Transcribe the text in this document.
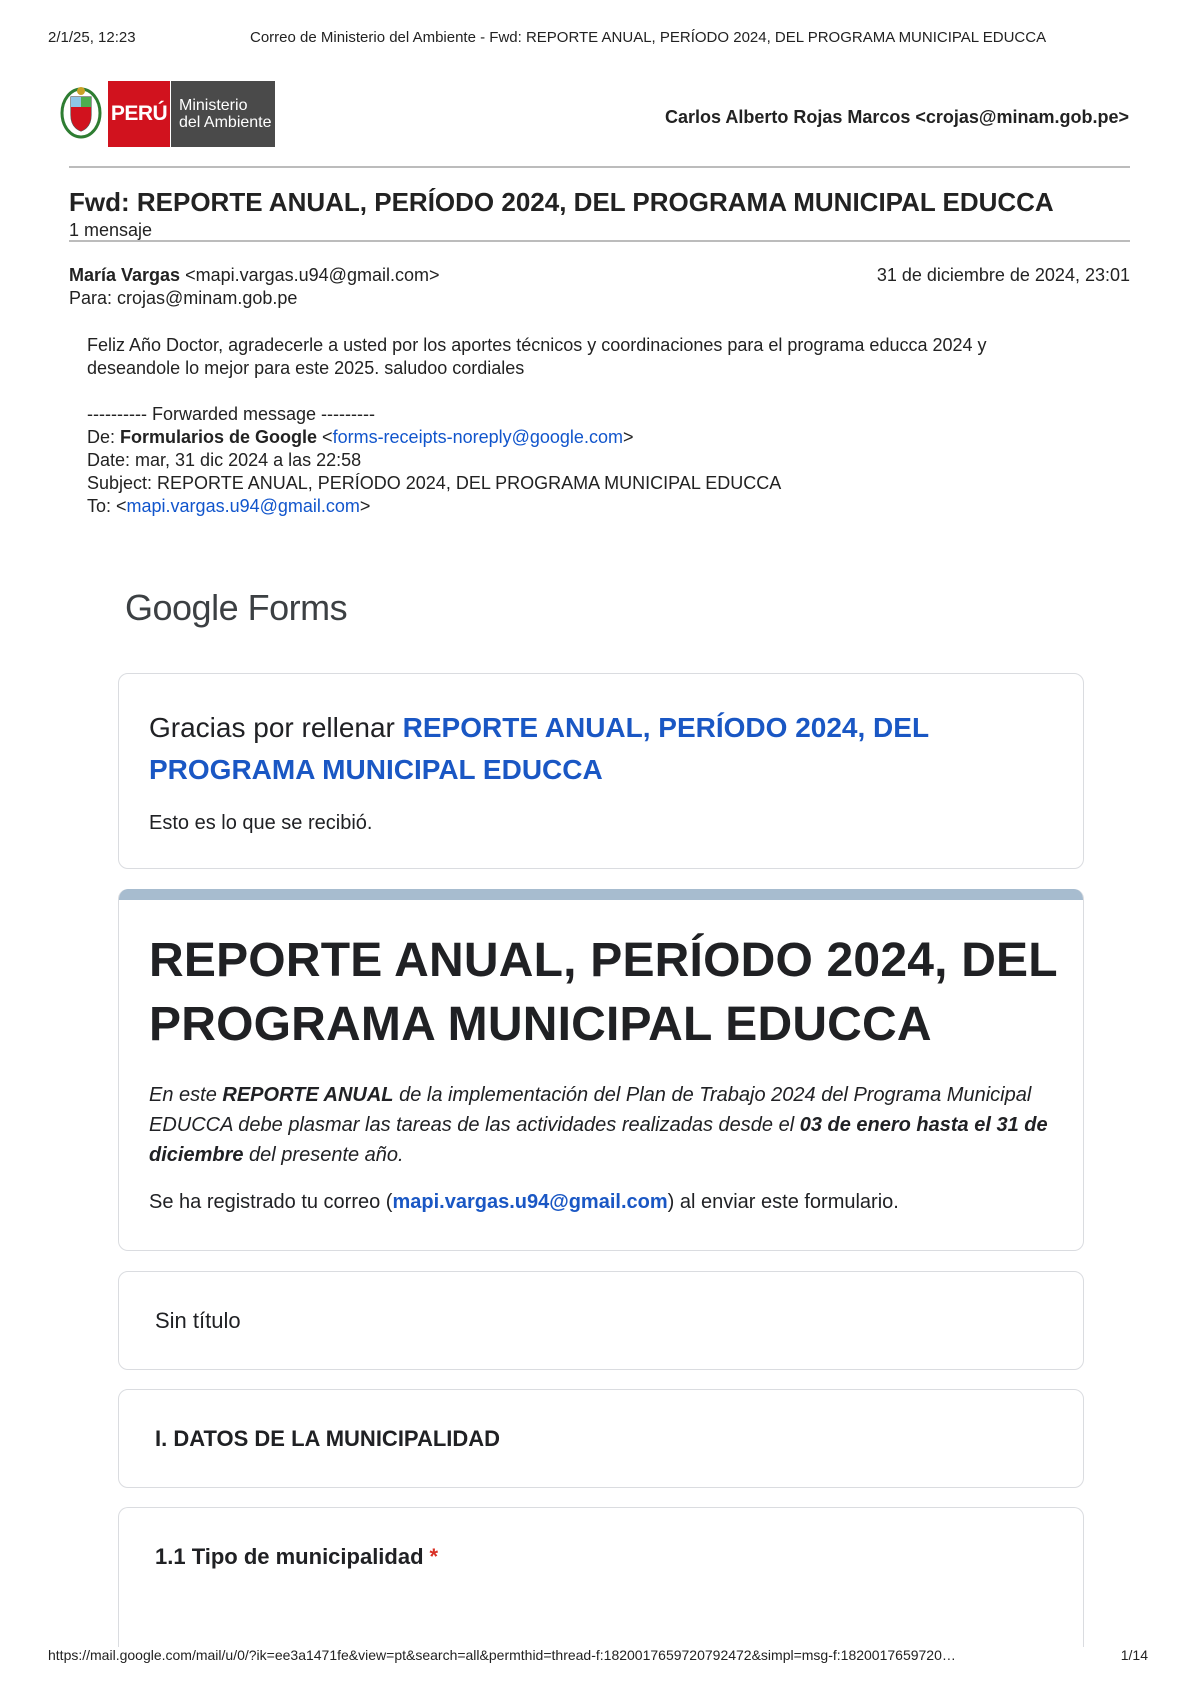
2/1/25, 12:23	Correo de Ministerio del Ambiente - Fwd: REPORTE ANUAL, PERÍODO 2024, DEL PROGRAMA MUNICIPAL EDUCCA
PERÚ Ministerio
del Ambiente	Carlos Alberto Rojas Marcos <crojas@minam.gob.pe>
Fwd: REPORTE ANUAL, PERÍODO 2024, DEL PROGRAMA MUNICIPAL EDUCCA
1 mensaje
María Vargas <mapi.vargas.u94@gmail.com>	31 de diciembre de 2024, 23:01
Para: crojas@minam.gob.pe

Feliz Año Doctor, agradecerle a usted por los aportes técnicos y coordinaciones para el programa educca 2024 y

deseandole lo mejor para este 2025. saludoo cordiales

---------- Forwarded message ---------

De: Formularios de Google <forms-receipts-noreply@google.com>

Date: mar, 31 dic 2024 a las 22:58

Subject: REPORTE ANUAL, PERÍODO 2024, DEL PROGRAMA MUNICIPAL EDUCCA

To: <mapi.vargas.u94@gmail.com>

Google Forms
Gracias por rellenar REPORTE ANUAL, PERÍODO 2024, DEL PROGRAMA MUNICIPAL EDUCCA
Esto es lo que se recibió.
REPORTE ANUAL, PERÍODO 2024, DEL PROGRAMA MUNICIPAL EDUCCA
En este REPORTE ANUAL de la implementación del Plan de Trabajo 2024 del Programa Municipal EDUCCA debe plasmar las tareas de las actividades realizadas desde el 03 de enero hasta el 31 de diciembre del presente año.
Se ha registrado tu correo (mapi.vargas.u94@gmail.com) al enviar este formulario.
Sin título
I. DATOS DE LA MUNICIPALIDAD
1.1 Tipo de municipalidad *
https://mail.google.com/mail/u/0/?ik=ee3a1471fe&view=pt&search=all&permthid=thread-f:1820017659720792472&simpl=msg-f:1820017659720…	1/14
